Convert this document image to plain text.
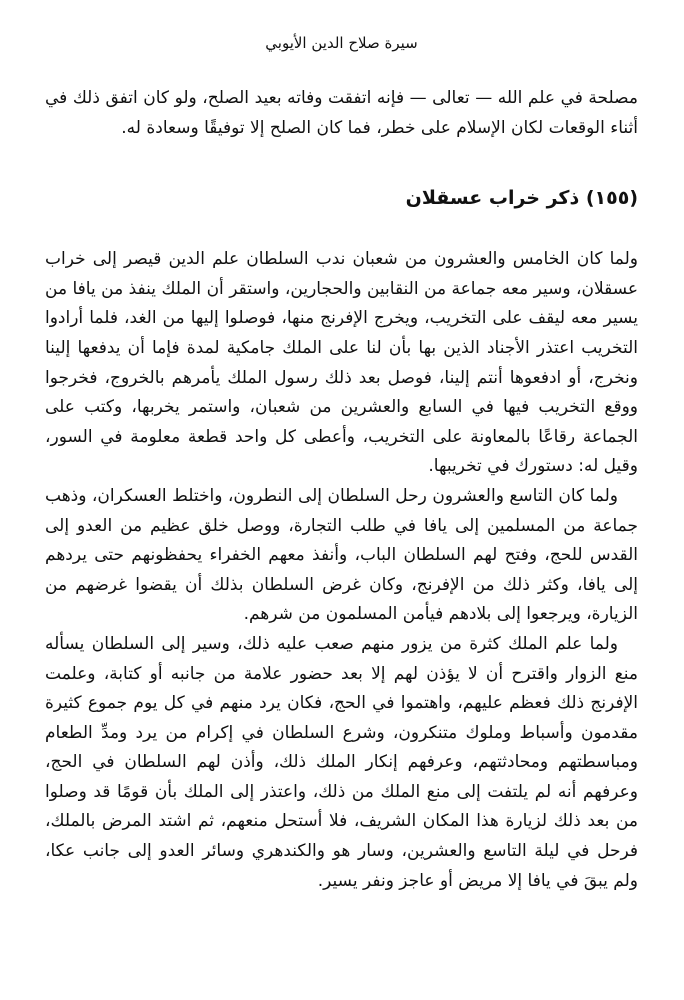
سيرة صلاح الدين الأيوبي

مصلحة في علم الله — تعالى — فإنه اتفقت وفاته بعيد الصلح، ولو كان اتفق ذلك في أثناء الوقعات لكان الإسلام على خطر، فما كان الصلح إلا توفيقًا وسعادة له.

(١٥٥) ذكر خراب عسقلان

ولما كان الخامس والعشرون من شعبان ندب السلطان علم الدين قيصر إلى خراب عسقلان، وسير معه جماعة من النقابين والحجارين، واستقر أن الملك ينفذ من يافا من يسير معه ليقف على التخريب، ويخرج الإفرنج منها، فوصلوا إليها من الغد، فلما أرادوا التخريب اعتذر الأجناد الذين بها بأن لنا على الملك جامكية لمدة فإما أن يدفعها إلينا ونخرج، أو ادفعوها أنتم إلينا، فوصل بعد ذلك رسول الملك يأمرهم بالخروج، فخرجوا ووقع التخريب فيها في السابع والعشرين من شعبان، واستمر يخربها، وكتب على الجماعة رقاعًا بالمعاونة على التخريب، وأعطى كل واحد قطعة معلومة في السور، وقيل له: دستورك في تخريبها.

ولما كان التاسع والعشرون رحل السلطان إلى النطرون، واختلط العسكران، وذهب جماعة من المسلمين إلى يافا في طلب التجارة، ووصل خلق عظيم من العدو إلى القدس للحج، وفتح لهم السلطان الباب، وأنفذ معهم الخفراء يحفظونهم حتى يردهم إلى يافا، وكثر ذلك من الإفرنج، وكان غرض السلطان بذلك أن يقضوا غرضهم من الزيارة، ويرجعوا إلى بلادهم فيأمن المسلمون من شرهم.

ولما علم الملك كثرة من يزور منهم صعب عليه ذلك، وسير إلى السلطان يسأله منع الزوار واقترح أن لا يؤذن لهم إلا بعد حضور علامة من جانبه أو كتابة، وعلمت الإفرنج ذلك فعظم عليهم، واهتموا في الحج، فكان يرد منهم في كل يوم جموع كثيرة مقدمون وأسباط وملوك متنكرون، وشرع السلطان في إكرام من يرد ومدِّ الطعام ومباسطتهم ومحادثتهم، وعرفهم إنكار الملك ذلك، وأذن لهم السلطان في الحج، وعرفهم أنه لم يلتفت إلى منع الملك من ذلك، واعتذر إلى الملك بأن قومًا قد وصلوا من بعد ذلك لزيارة هذا المكان الشريف، فلا أستحل منعهم، ثم اشتد المرض بالملك، فرحل في ليلة التاسع والعشرين، وسار هو والكندهري وسائر العدو إلى جانب عكا، ولم يبقَ في يافا إلا مريض أو عاجز ونفر يسير.
